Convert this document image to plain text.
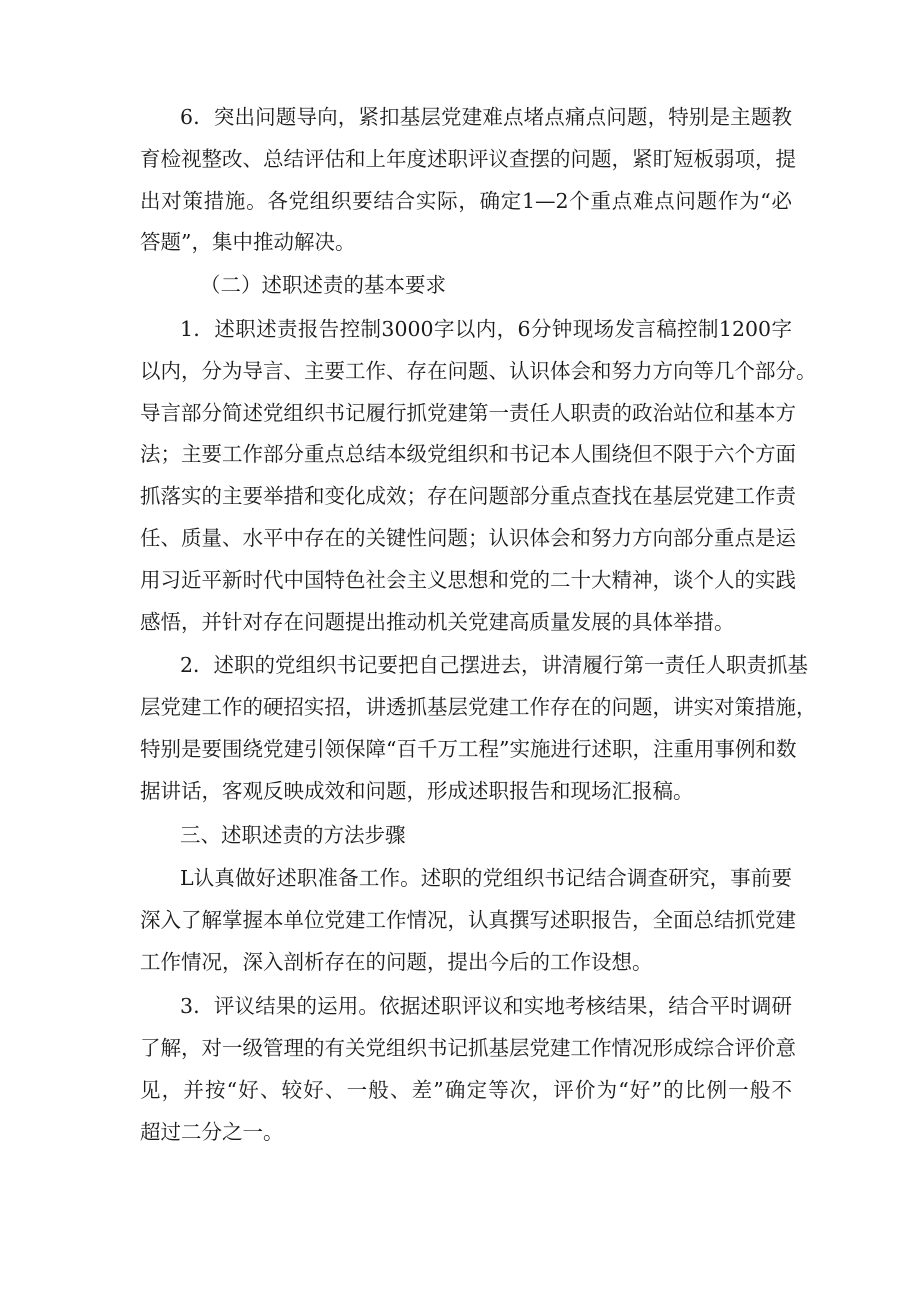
6．突出问题导向，紧扣基层党建难点堵点痛点问题，特别是主题教
育检视整改、总结评估和上年度述职评议查摆的问题，紧盯短板弱项，提
出对策措施。各党组织要结合实际，确定1—2个重点难点问题作为“必
答题”，集中推动解决。
（二）述职述责的基本要求
1．述职述责报告控制3000字以内，6分钟现场发言稿控制1200字
以内，分为导言、主要工作、存在问题、认识体会和努力方向等几个部分。
导言部分简述党组织书记履行抓党建第一责任人职责的政治站位和基本方
法；主要工作部分重点总结本级党组织和书记本人围绕但不限于六个方面
抓落实的主要举措和变化成效；存在问题部分重点查找在基层党建工作责
任、质量、水平中存在的关键性问题；认识体会和努力方向部分重点是运
用习近平新时代中国特色社会主义思想和党的二十大精神，谈个人的实践
感悟，并针对存在问题提出推动机关党建高质量发展的具体举措。
2．述职的党组织书记要把自己摆进去，讲清履行第一责任人职责抓基
层党建工作的硬招实招，讲透抓基层党建工作存在的问题，讲实对策措施，
特别是要围绕党建引领保障“百千万工程”实施进行述职，注重用事例和数
据讲话，客观反映成效和问题，形成述职报告和现场汇报稿。
三、述职述责的方法步骤
L认真做好述职准备工作。述职的党组织书记结合调查研究，事前要
深入了解掌握本单位党建工作情况，认真撰写述职报告，全面总结抓党建
工作情况，深入剖析存在的问题，提出今后的工作设想。
3．评议结果的运用。依据述职评议和实地考核结果，结合平时调研
了解，对一级管理的有关党组织书记抓基层党建工作情况形成综合评价意
见，并按“好、较好、一般、差”确定等次，评价为“好”的比例一般不
超过二分之一。
